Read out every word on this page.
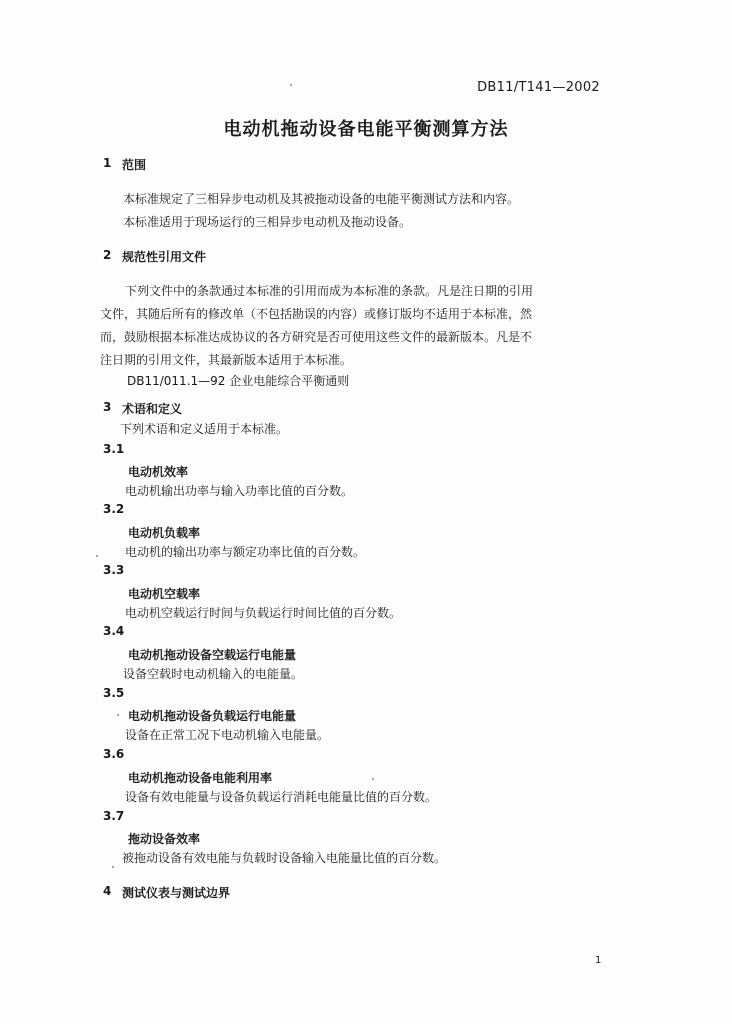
DB11/T141—2002
电动机拖动设备电能平衡测算方法
1 范围
本标准规定了三相异步电动机及其被拖动设备的电能平衡测试方法和内容。
本标准适用于现场运行的三相异步电动机及拖动设备。
2 规范性引用文件
下列文件中的条款通过本标准的引用而成为本标准的条款。凡是注日期的引用
文件，其随后所有的修改单（不包括勘误的内容）或修订版均不适用于本标准，然
而，鼓励根据本标准达成协议的各方研究是否可使用这些文件的最新版本。凡是不
注日期的引用文件，其最新版本适用于本标准。
DB11/011.1—92 企业电能综合平衡通则
3 术语和定义
下列术语和定义适用于本标准。
3.1
电动机效率
电动机输出功率与输入功率比值的百分数。
3.2
电动机负载率
电动机的输出功率与额定功率比值的百分数。
3.3
电动机空载率
电动机空载运行时间与负载运行时间比值的百分数。
3.4
电动机拖动设备空载运行电能量
设备空载时电动机输入的电能量。
3.5
电动机拖动设备负载运行电能量
设备在正常工况下电动机输入电能量。
3.6
电动机拖动设备电能利用率
设备有效电能量与设备负载运行消耗电能量比值的百分数。
3.7
拖动设备效率
被拖动设备有效电能与负载时设备输入电能量比值的百分数。
4 测试仪表与测试边界
1
